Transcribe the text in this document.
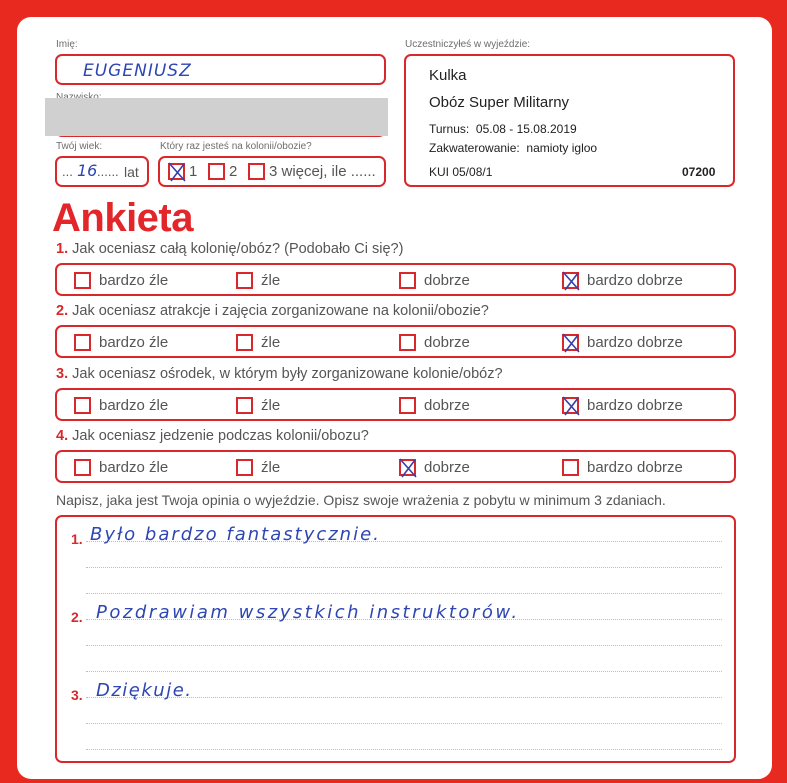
Imię:
EUGENIUSZ
Twój wiek:
... 16 ...... lat
Który raz jesteś na kolonii/obozie?
1 2 3 więcej, ile ......
Uczestniczyłeś w wyjeździe:
Kulka
Obóz Super Militarny
Turnus: 05.08 - 15.08.2019
Zakwaterowanie: namioty igloo
KUI 05/08/1	07200
Ankieta
1. Jak oceniasz całą kolonię/obóz? (Podobało Ci się?)
bardzo źle	źle	dobrze	bardzo dobrze
2. Jak oceniasz atrakcje i zajęcia zorganizowane na kolonii/obozie?
bardzo źle	źle	dobrze	bardzo dobrze
3. Jak oceniasz ośrodek, w którym były zorganizowane kolonie/obóz?
bardzo źle	źle	dobrze	bardzo dobrze
4. Jak oceniasz jedzenie podczas kolonii/obozu?
bardzo źle	źle	dobrze	bardzo dobrze
Napisz, jaka jest Twoja opinia o wyjeździe. Opisz swoje wrażenia z pobytu w minimum 3 zdaniach.
1. Było bardzo fantastycznie.
2. Pozdrawiam wszystkich instruktorów.
3. Dziękuje.
